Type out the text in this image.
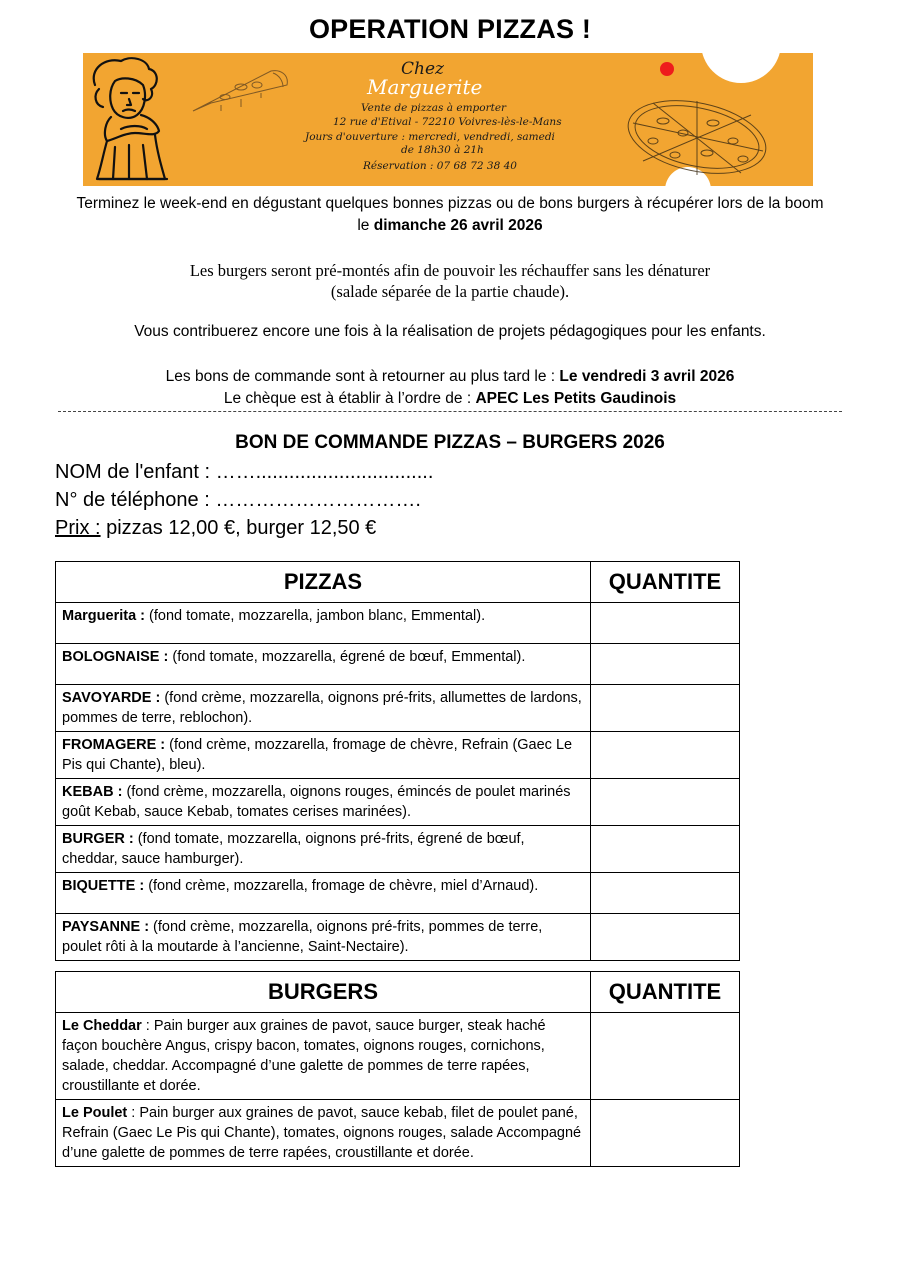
OPERATION PIZZAS !
Chez
Marguerite
Vente de pizzas à emporter
12 rue d'Etival - 72210 Voivres-lès-le-Mans
Jours d'ouverture : mercredi, vendredi, samedi
de 18h30 à 21h
Réservation : 07 68 72 38 40
Terminez le week-end en dégustant quelques bonnes pizzas ou de bons burgers à récupérer lors de la boom
le dimanche 26 avril 2026
Les burgers seront pré-montés afin de pouvoir les réchauffer sans les dénaturer
(salade séparée de la partie chaude).
Vous contribuerez encore une fois à la réalisation de projets pédagogiques pour les enfants.
Les bons de commande sont à retourner au plus tard le : Le vendredi 3 avril 2026
Le chèque est à établir à l’ordre de : APEC Les Petits Gaudinois
BON DE COMMANDE PIZZAS – BURGERS 2026
NOM de l'enfant : ……................................
N° de téléphone : ………………………….
Prix : pizzas 12,00 €, burger 12,50 €
PIZZAS	QUANTITE
Marguerita : (fond tomate, mozzarella, jambon blanc, Emmental).	
BOLOGNAISE : (fond tomate, mozzarella, égrené de bœuf, Emmental).	
SAVOYARDE : (fond crème, mozzarella, oignons pré-frits, allumettes de lardons, pommes de terre, reblochon).	
FROMAGERE : (fond crème, mozzarella, fromage de chèvre, Refrain (Gaec Le Pis qui Chante), bleu).	
KEBAB : (fond crème, mozzarella, oignons rouges, émincés de poulet marinés goût Kebab, sauce Kebab, tomates cerises marinées).	
BURGER : (fond tomate, mozzarella, oignons pré-frits, égrené de bœuf, cheddar, sauce hamburger).	
BIQUETTE : (fond crème, mozzarella, fromage de chèvre, miel d’Arnaud).	
PAYSANNE : (fond crème, mozzarella, oignons pré-frits, pommes de terre, poulet rôti à la moutarde à l’ancienne, Saint-Nectaire).	
BURGERS	QUANTITE
Le Cheddar : Pain burger aux graines de pavot, sauce burger, steak haché façon bouchère Angus, crispy bacon, tomates, oignons rouges, cornichons, salade, cheddar. Accompagné d’une galette de pommes de terre rapées, croustillante et dorée.	
Le Poulet : Pain burger aux graines de pavot, sauce kebab, filet de poulet pané, Refrain (Gaec Le Pis qui Chante), tomates, oignons rouges, salade Accompagné d’une galette de pommes de terre rapées, croustillante et dorée.	
